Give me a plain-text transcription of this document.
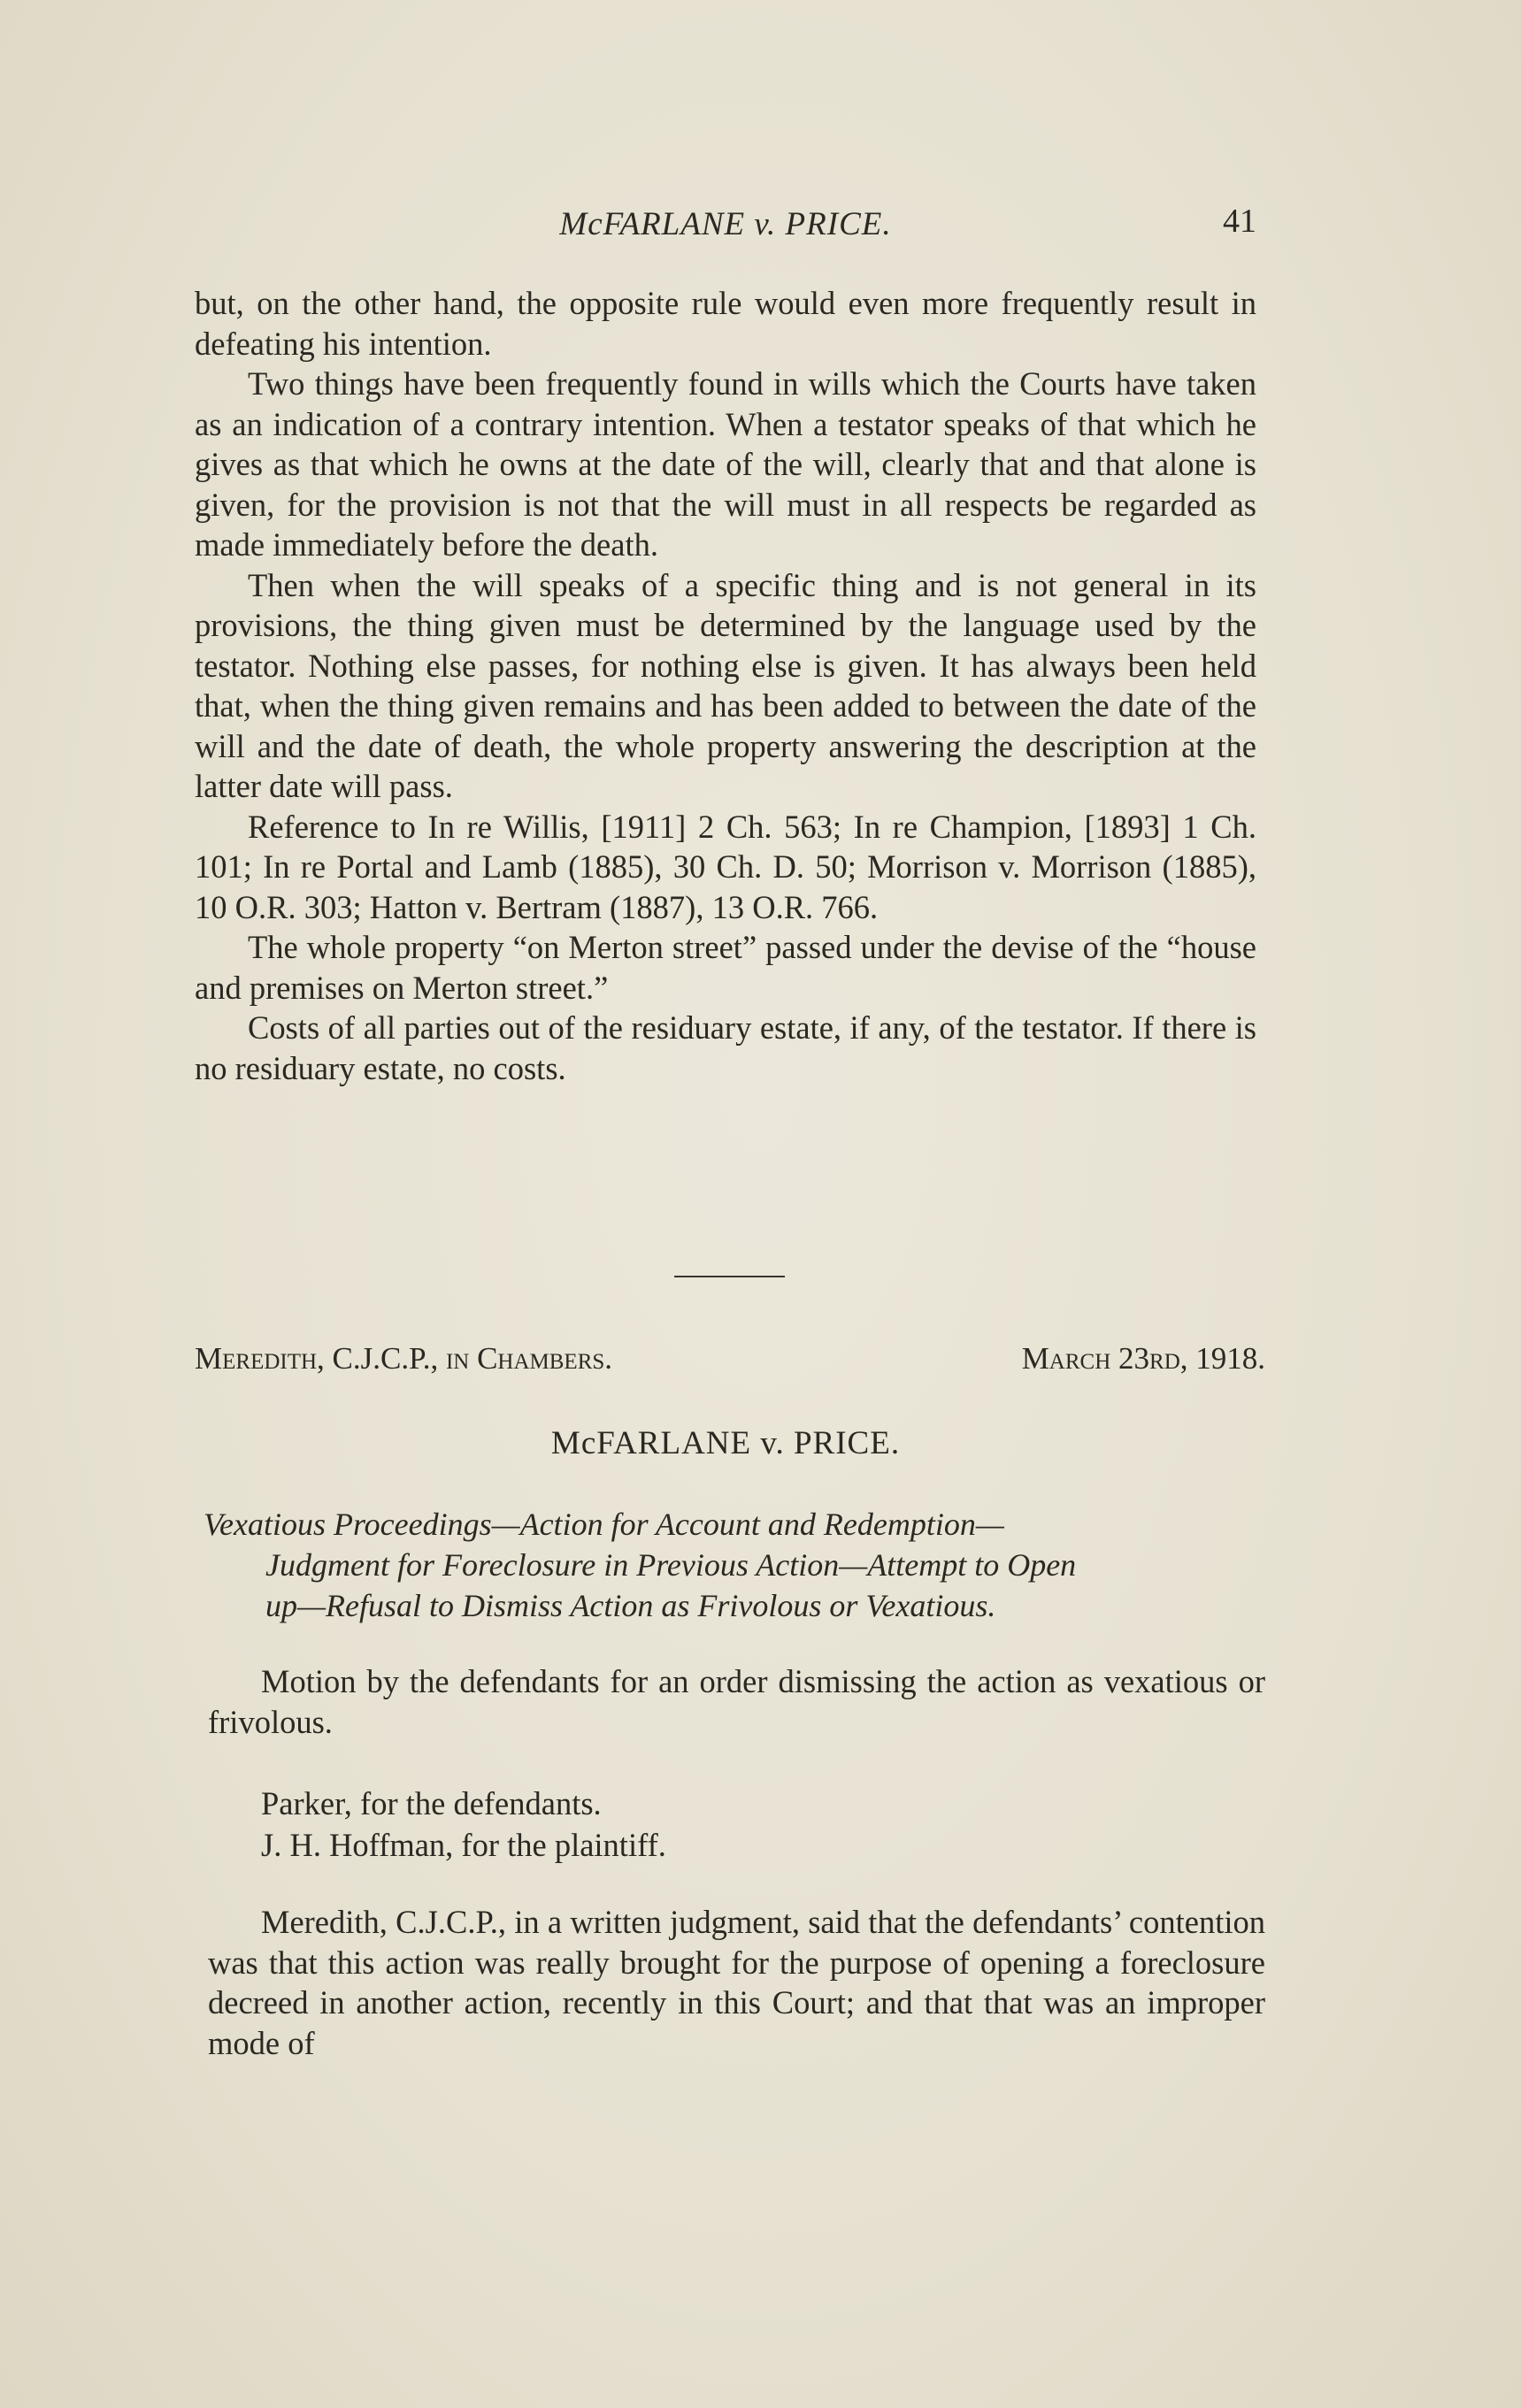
McFARLANE v. PRICE.	41

but, on the other hand, the opposite rule would even more frequently result in defeating his intention.

Two things have been frequently found in wills which the Courts have taken as an indication of a contrary intention. When a testator speaks of that which he gives as that which he owns at the date of the will, clearly that and that alone is given, for the provision is not that the will must in all respects be regarded as made immediately before the death.

Then when the will speaks of a specific thing and is not general in its provisions, the thing given must be determined by the language used by the testator. Nothing else passes, for nothing else is given. It has always been held that, when the thing given remains and has been added to between the date of the will and the date of death, the whole property answering the description at the latter date will pass.

Reference to In re Willis, [1911] 2 Ch. 563; In re Champion, [1893] 1 Ch. 101; In re Portal and Lamb (1885), 30 Ch. D. 50; Morrison v. Morrison (1885), 10 O.R. 303; Hatton v. Bertram (1887), 13 O.R. 766.

The whole property “on Merton street” passed under the devise of the “house and premises on Merton street.”

Costs of all parties out of the residuary estate, if any, of the testator. If there is no residuary estate, no costs.

Meredith, C.J.C.P., in Chambers.	March 23rd, 1918.
McFARLANE v. PRICE.
Vexatious Proceedings—Action for Account and Redemption—
Judgment for Foreclosure in Previous Action—Attempt to Open
up—Refusal to Dismiss Action as Frivolous or Vexatious.

Motion by the defendants for an order dismissing the action as vexatious or frivolous.

Parker, for the defendants.
J. H. Hoffman, for the plaintiff.

Meredith, C.J.C.P., in a written judgment, said that the defendants’ contention was that this action was really brought for the purpose of opening a foreclosure decreed in another action, recently in this Court; and that that was an improper mode of
